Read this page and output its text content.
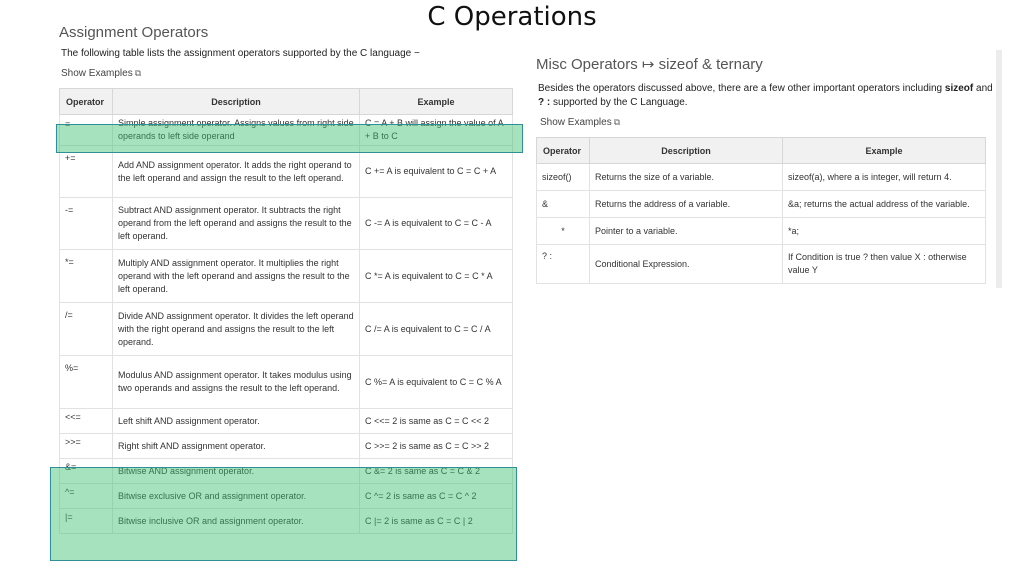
C Operations
Assignment Operators
The following table lists the assignment operators supported by the C language −
Show Examples ⧉
Operator	Description	Example
=	Simple assignment operator. Assigns values from right side operands to left side operand	C = A + B will assign the value of A + B to C
+=	Add AND assignment operator. It adds the right operand to the left operand and assign the result to the left operand.	C += A is equivalent to C = C + A
-=	Subtract AND assignment operator. It subtracts the right operand from the left operand and assigns the result to the left operand.	C -= A is equivalent to C = C - A
*=	Multiply AND assignment operator. It multiplies the right operand with the left operand and assigns the result to the left operand.	C *= A is equivalent to C = C * A
/=	Divide AND assignment operator. It divides the left operand with the right operand and assigns the result to the left operand.	C /= A is equivalent to C = C / A
%=	Modulus AND assignment operator. It takes modulus using two operands and assigns the result to the left operand.	C %= A is equivalent to C = C % A
<<=	Left shift AND assignment operator.	C <<= 2 is same as C = C << 2
>>=	Right shift AND assignment operator.	C >>= 2 is same as C = C >> 2
&=	Bitwise AND assignment operator.	C &= 2 is same as C = C & 2
^=	Bitwise exclusive OR and assignment operator.	C ^= 2 is same as C = C ^ 2
|=	Bitwise inclusive OR and assignment operator.	C |= 2 is same as C = C | 2
Misc Operators ↦ sizeof & ternary
Besides the operators discussed above, there are a few other important operators including sizeof and ? : supported by the C Language.
Show Examples ⧉
Operator	Description	Example
sizeof()	Returns the size of a variable.	sizeof(a), where a is integer, will return 4.
&	Returns the address of a variable.	&a; returns the actual address of the variable.
*	Pointer to a variable.	*a;
? :	Conditional Expression.	If Condition is true ? then value X : otherwise value Y
